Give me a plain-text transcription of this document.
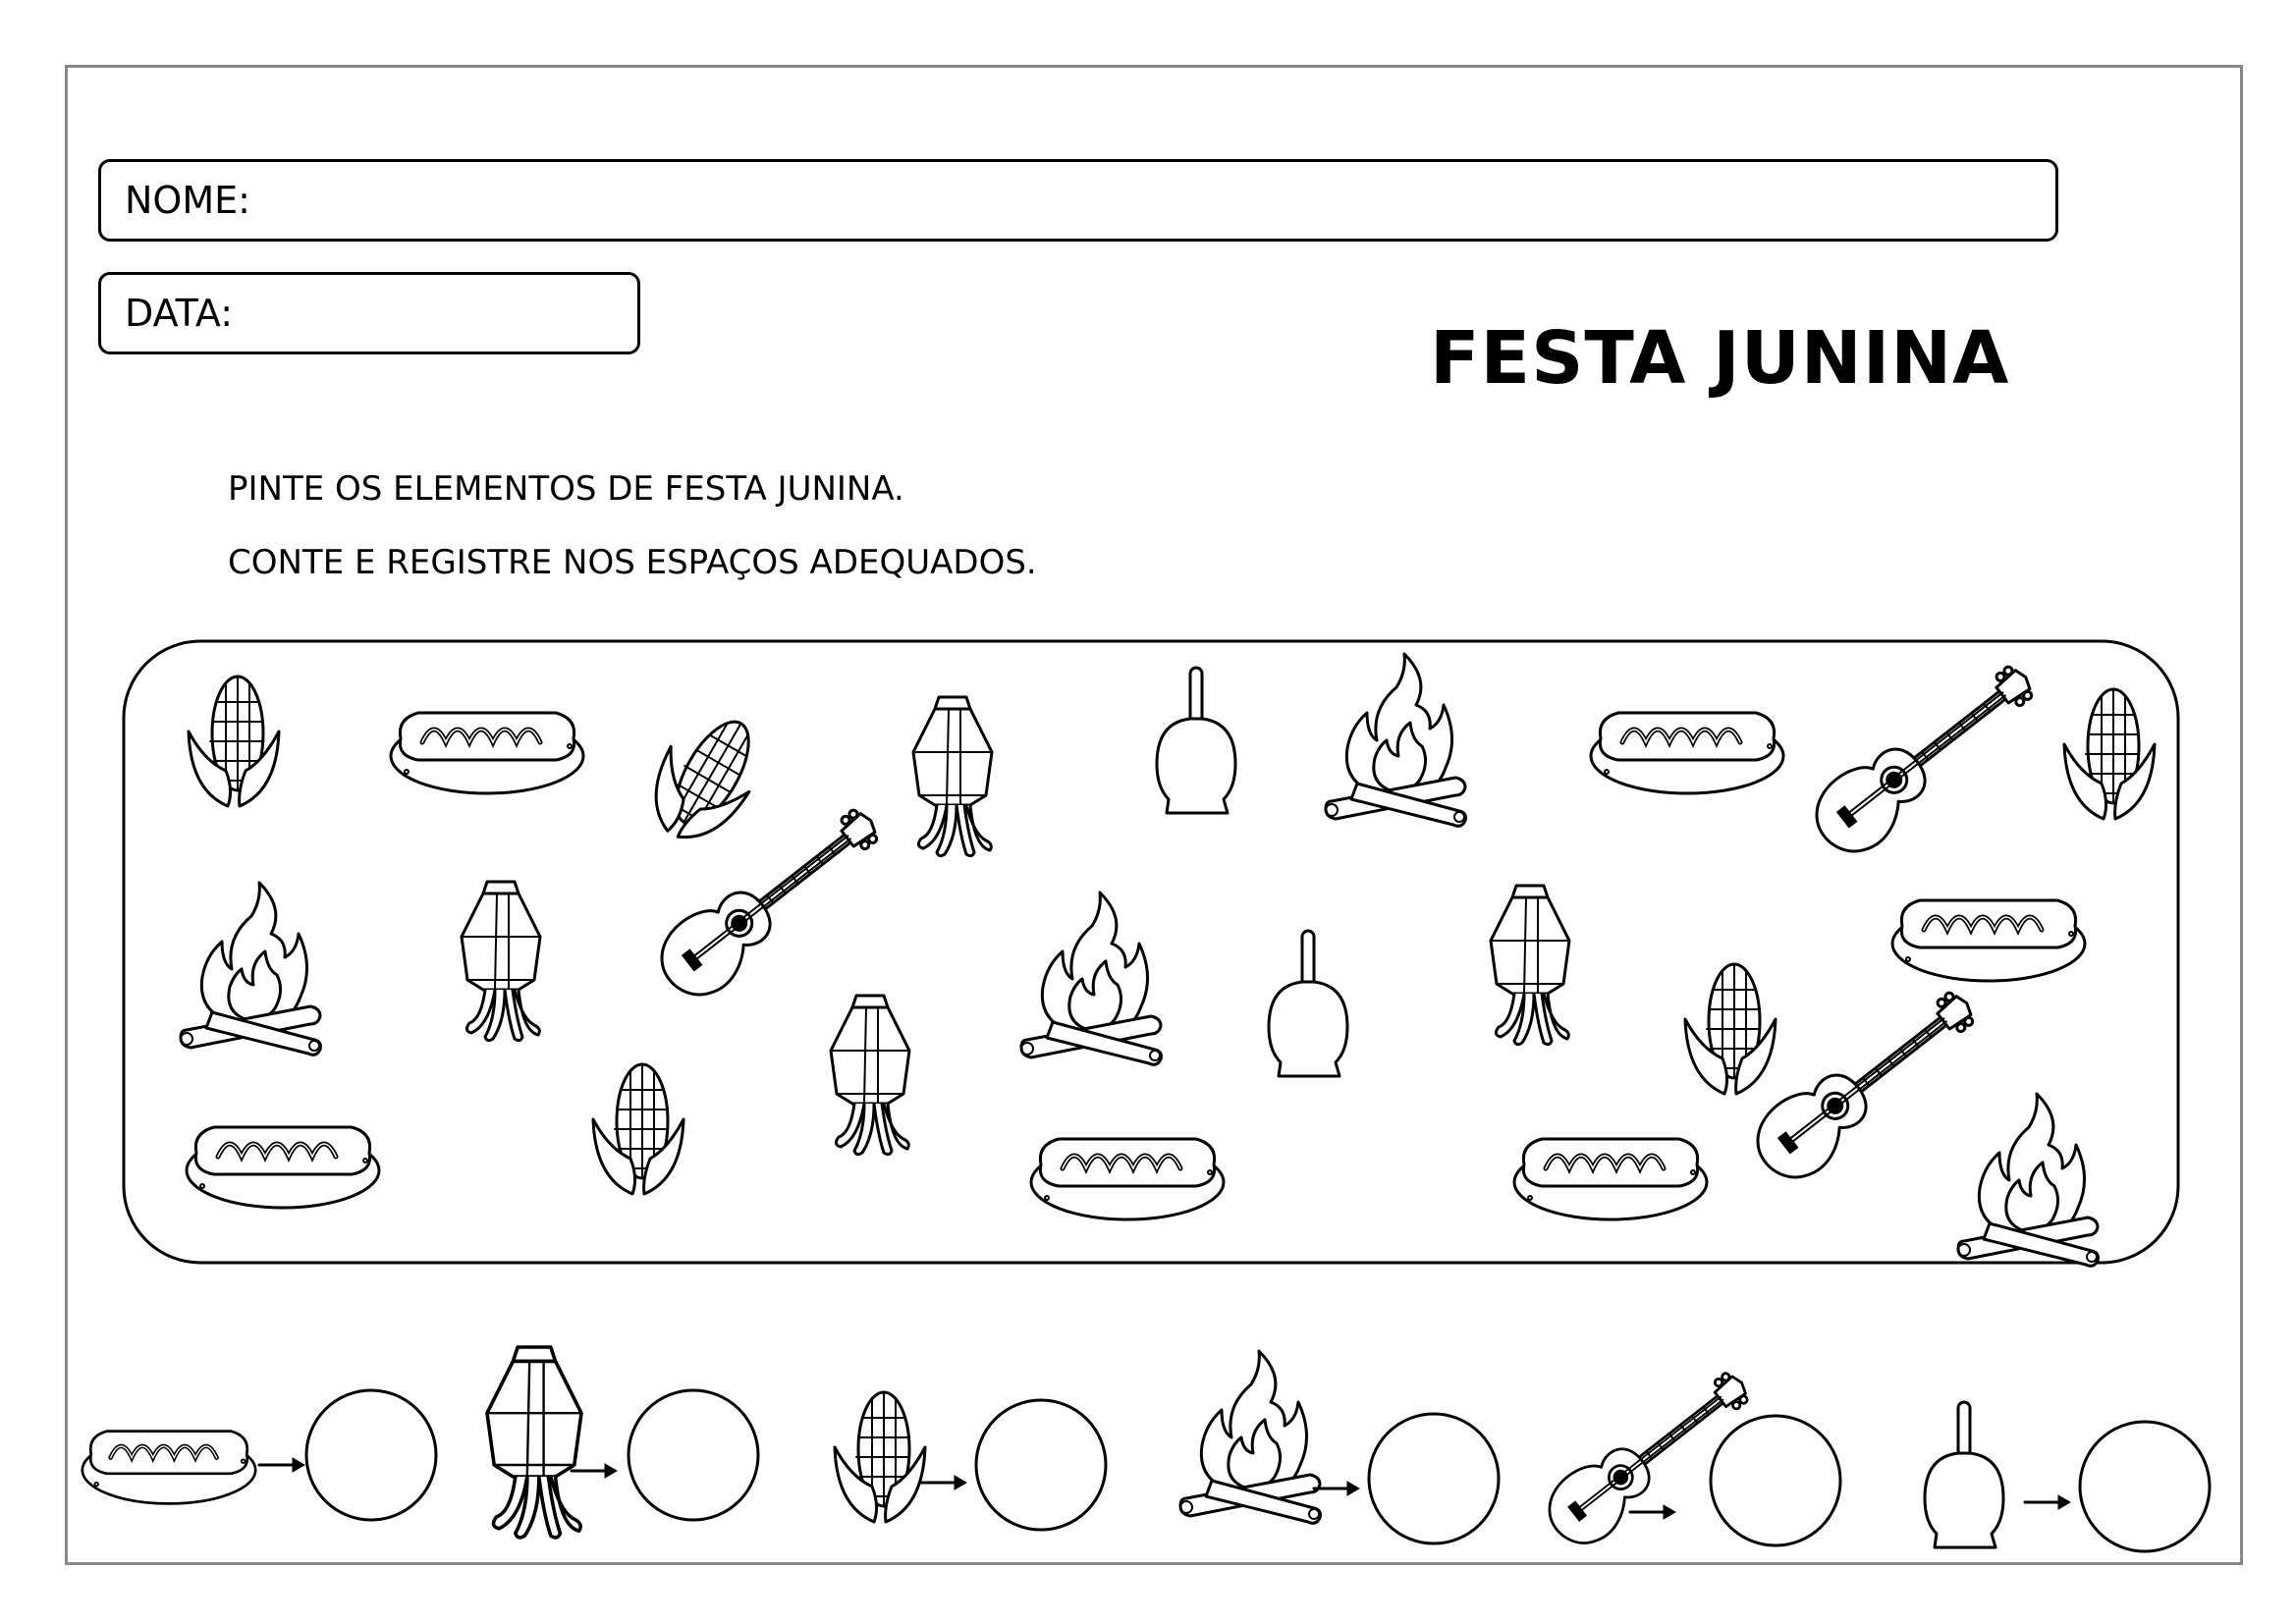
NOME:
DATA:
FESTA JUNINA
PINTE OS ELEMENTOS DE FESTA JUNINA.
CONTE E REGISTRE NOS ESPAÇOS ADEQUADOS.
